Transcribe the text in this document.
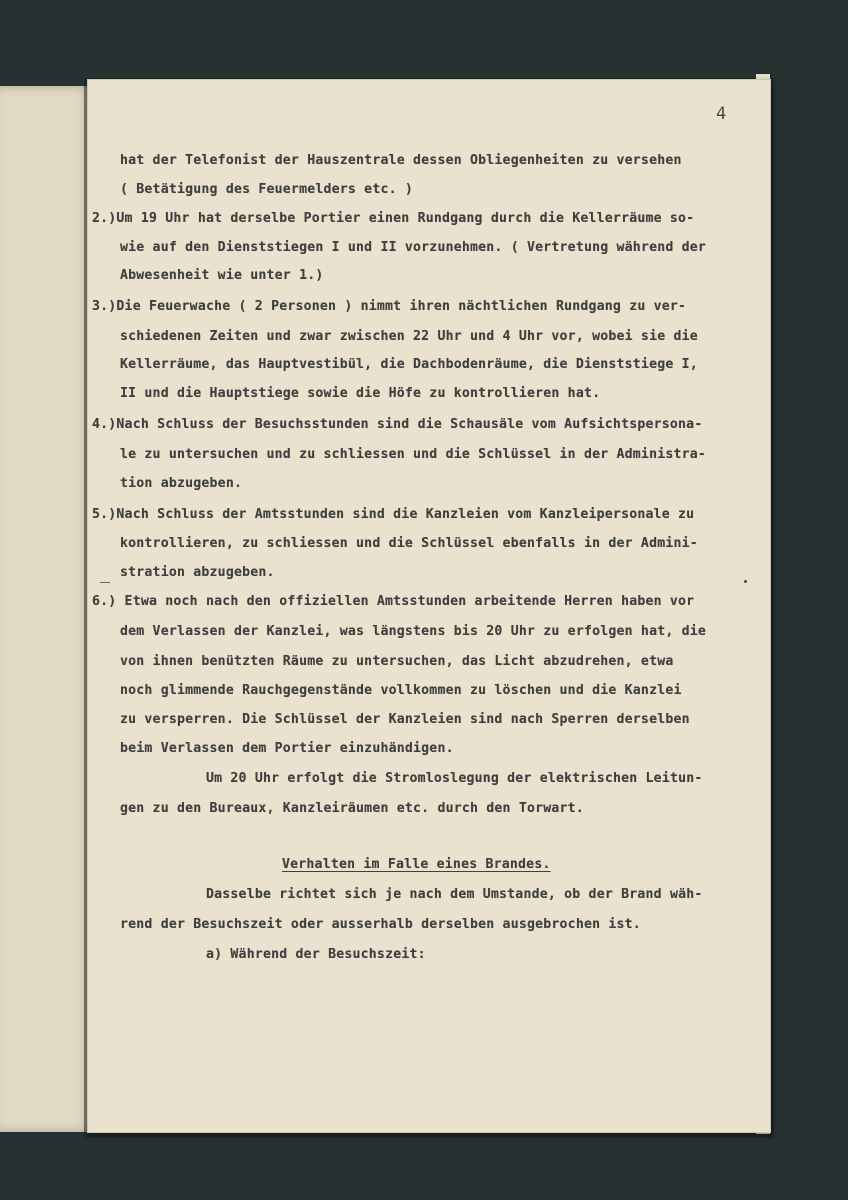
4
hat der Telefonist der Hauszentrale dessen Obliegenheiten zu versehen
( Betätigung des Feuermelders etc. )
2.)Um 19 Uhr hat derselbe Portier einen Rundgang durch die Kellerräume so-
wie auf den Dienststiegen I und II vorzunehmen. ( Vertretung während der
Abwesenheit wie unter 1.)
3.)Die Feuerwache ( 2 Personen ) nimmt ihren nächtlichen Rundgang zu ver-
schiedenen Zeiten und zwar zwischen 22 Uhr und 4 Uhr vor, wobei sie die
Kellerräume, das Hauptvestibül, die Dachbodenräume, die Dienststiege I,
II und die Hauptstiege sowie die Höfe zu kontrollieren hat.
4.)Nach Schluss der Besuchsstunden sind die Schausäle vom Aufsichtspersona-
le zu untersuchen und zu schliessen und die Schlüssel in der Administra-
tion abzugeben.
5.)Nach Schluss der Amtsstunden sind die Kanzleien vom Kanzleipersonale zu
kontrollieren, zu schliessen und die Schlüssel ebenfalls in der Admini-
stration abzugeben.
6.) Etwa noch nach den offiziellen Amtsstunden arbeitende Herren haben vor
dem Verlassen der Kanzlei, was längstens bis 20 Uhr zu erfolgen hat, die
von ihnen benützten Räume zu untersuchen, das Licht abzudrehen, etwa
noch glimmende Rauchgegenstände vollkommen zu löschen und die Kanzlei
zu versperren. Die Schlüssel der Kanzleien sind nach Sperren derselben
beim Verlassen dem Portier einzuhändigen.
Um 20 Uhr erfolgt die Stromloslegung der elektrischen Leitun-
gen zu den Bureaux, Kanzleiräumen etc. durch den Torwart.
Verhalten im Falle eines Brandes.
Dasselbe richtet sich je nach dem Umstande, ob der Brand wäh-
rend der Besuchszeit oder ausserhalb derselben ausgebrochen ist.
a) Während der Besuchszeit:
